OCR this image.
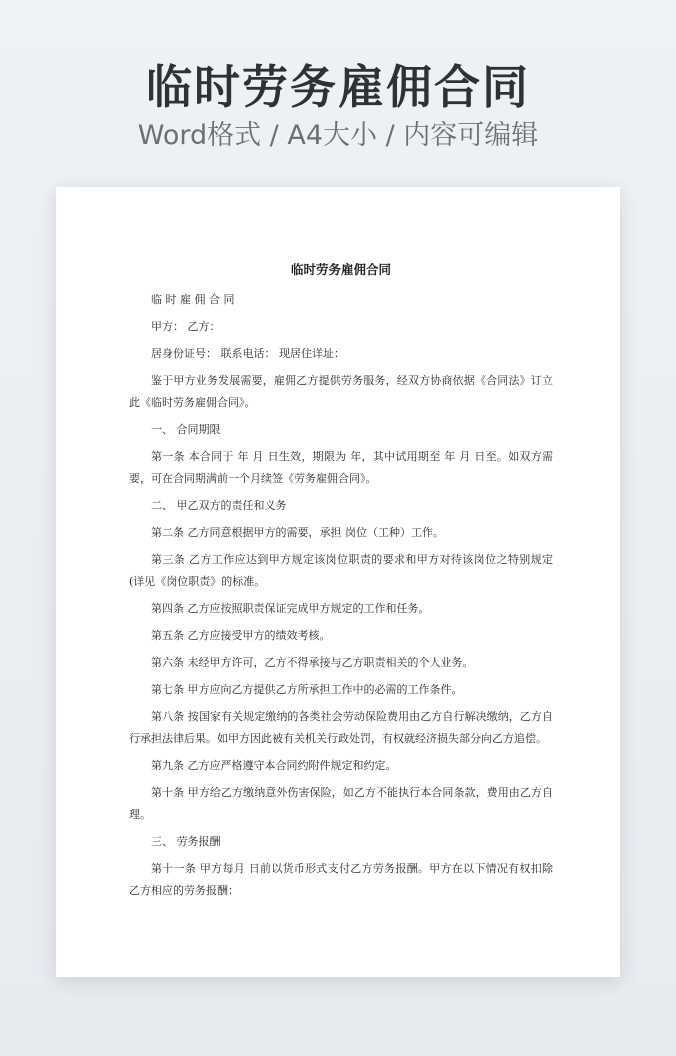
临时劳务雇佣合同
Word格式 / A4大小 / 内容可编辑
临时劳务雇佣合同

临 时 雇 佣 合 同

甲方： 乙方：

居身份证号： 联系电话： 现居住详址：

鉴于甲方业务发展需要，雇佣乙方提供劳务服务，经双方协商依据《合同法》订立此《临时劳务雇佣合同》。

一、 合同期限

第一条 本合同于 年 月 日生效，期限为 年，其中试用期至 年 月 日至。如双方需要，可在合同期满前一个月续签《劳务雇佣合同》。

二、 甲乙双方的责任和义务

第二条 乙方同意根据甲方的需要，承担 岗位（工种）工作。

第三条 乙方工作应达到甲方规定该岗位职责的要求和甲方对待该岗位之特别规定(详见《岗位职责》的标准。

第四条 乙方应按照职责保证完成甲方规定的工作和任务。

第五条 乙方应接受甲方的绩效考核。

第六条 未经甲方许可，乙方不得承接与乙方职责相关的个人业务。

第七条 甲方应向乙方提供乙方所承担工作中的必需的工作条件。

第八条 按国家有关规定缴纳的各类社会劳动保险费用由乙方自行解决缴纳，乙方自行承担法律后果。如甲方因此被有关机关行政处罚，有权就经济损失部分向乙方追偿。

第九条 乙方应严格遵守本合同约附件规定和约定。

第十条 甲方给乙方缴纳意外伤害保险，如乙方不能执行本合同条款，费用由乙方自理。

三、 劳务报酬

第十一条 甲方每月 日前以货币形式支付乙方劳务报酬。甲方在以下情况有权扣除乙方相应的劳务报酬：
